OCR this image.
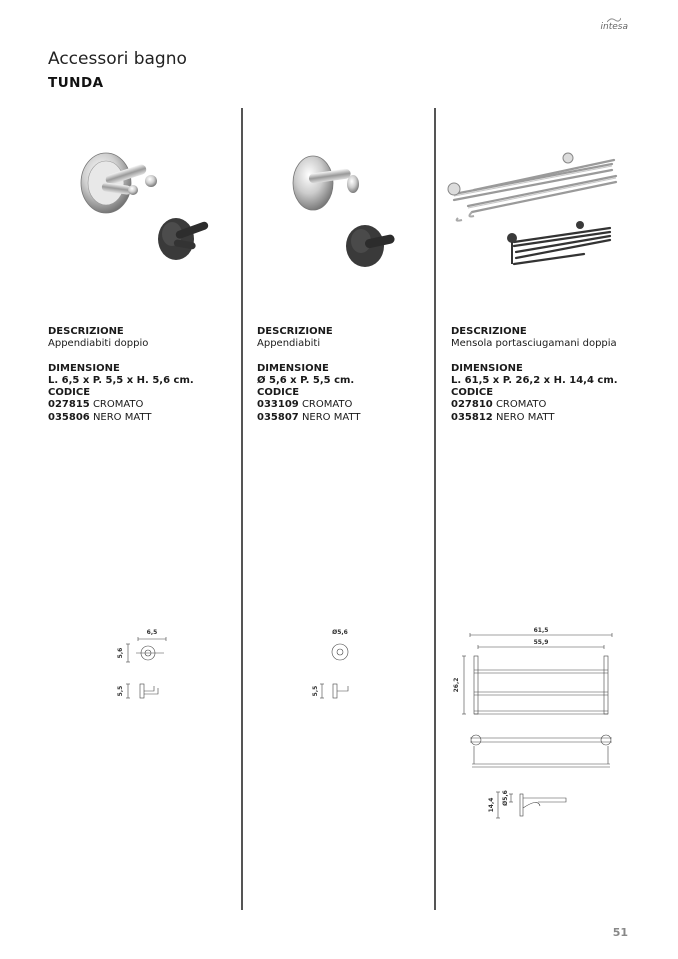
intesa
Accessori bagno
TUNDA
DESCRIZIONE
Appendiabiti doppio
DIMENSIONE
L. 6,5 x P. 5,5 x H. 5,6 cm.
CODICE
027815 CROMATO
035806 NERO MATT
DESCRIZIONE
Appendiabiti
DIMENSIONE
Ø 5,6 x P. 5,5 cm.
CODICE
033109 CROMATO
035807 NERO MATT
DESCRIZIONE
Mensola portasciugamani doppia
DIMENSIONE
L. 61,5 x P. 26,2 x H. 14,4 cm.
CODICE
027810 CROMATO
035812 NERO MATT
6,5
5,6
5,5
Ø5,6
5,5
61,5
55,9
26,2
14,4 Ø5,6
51
